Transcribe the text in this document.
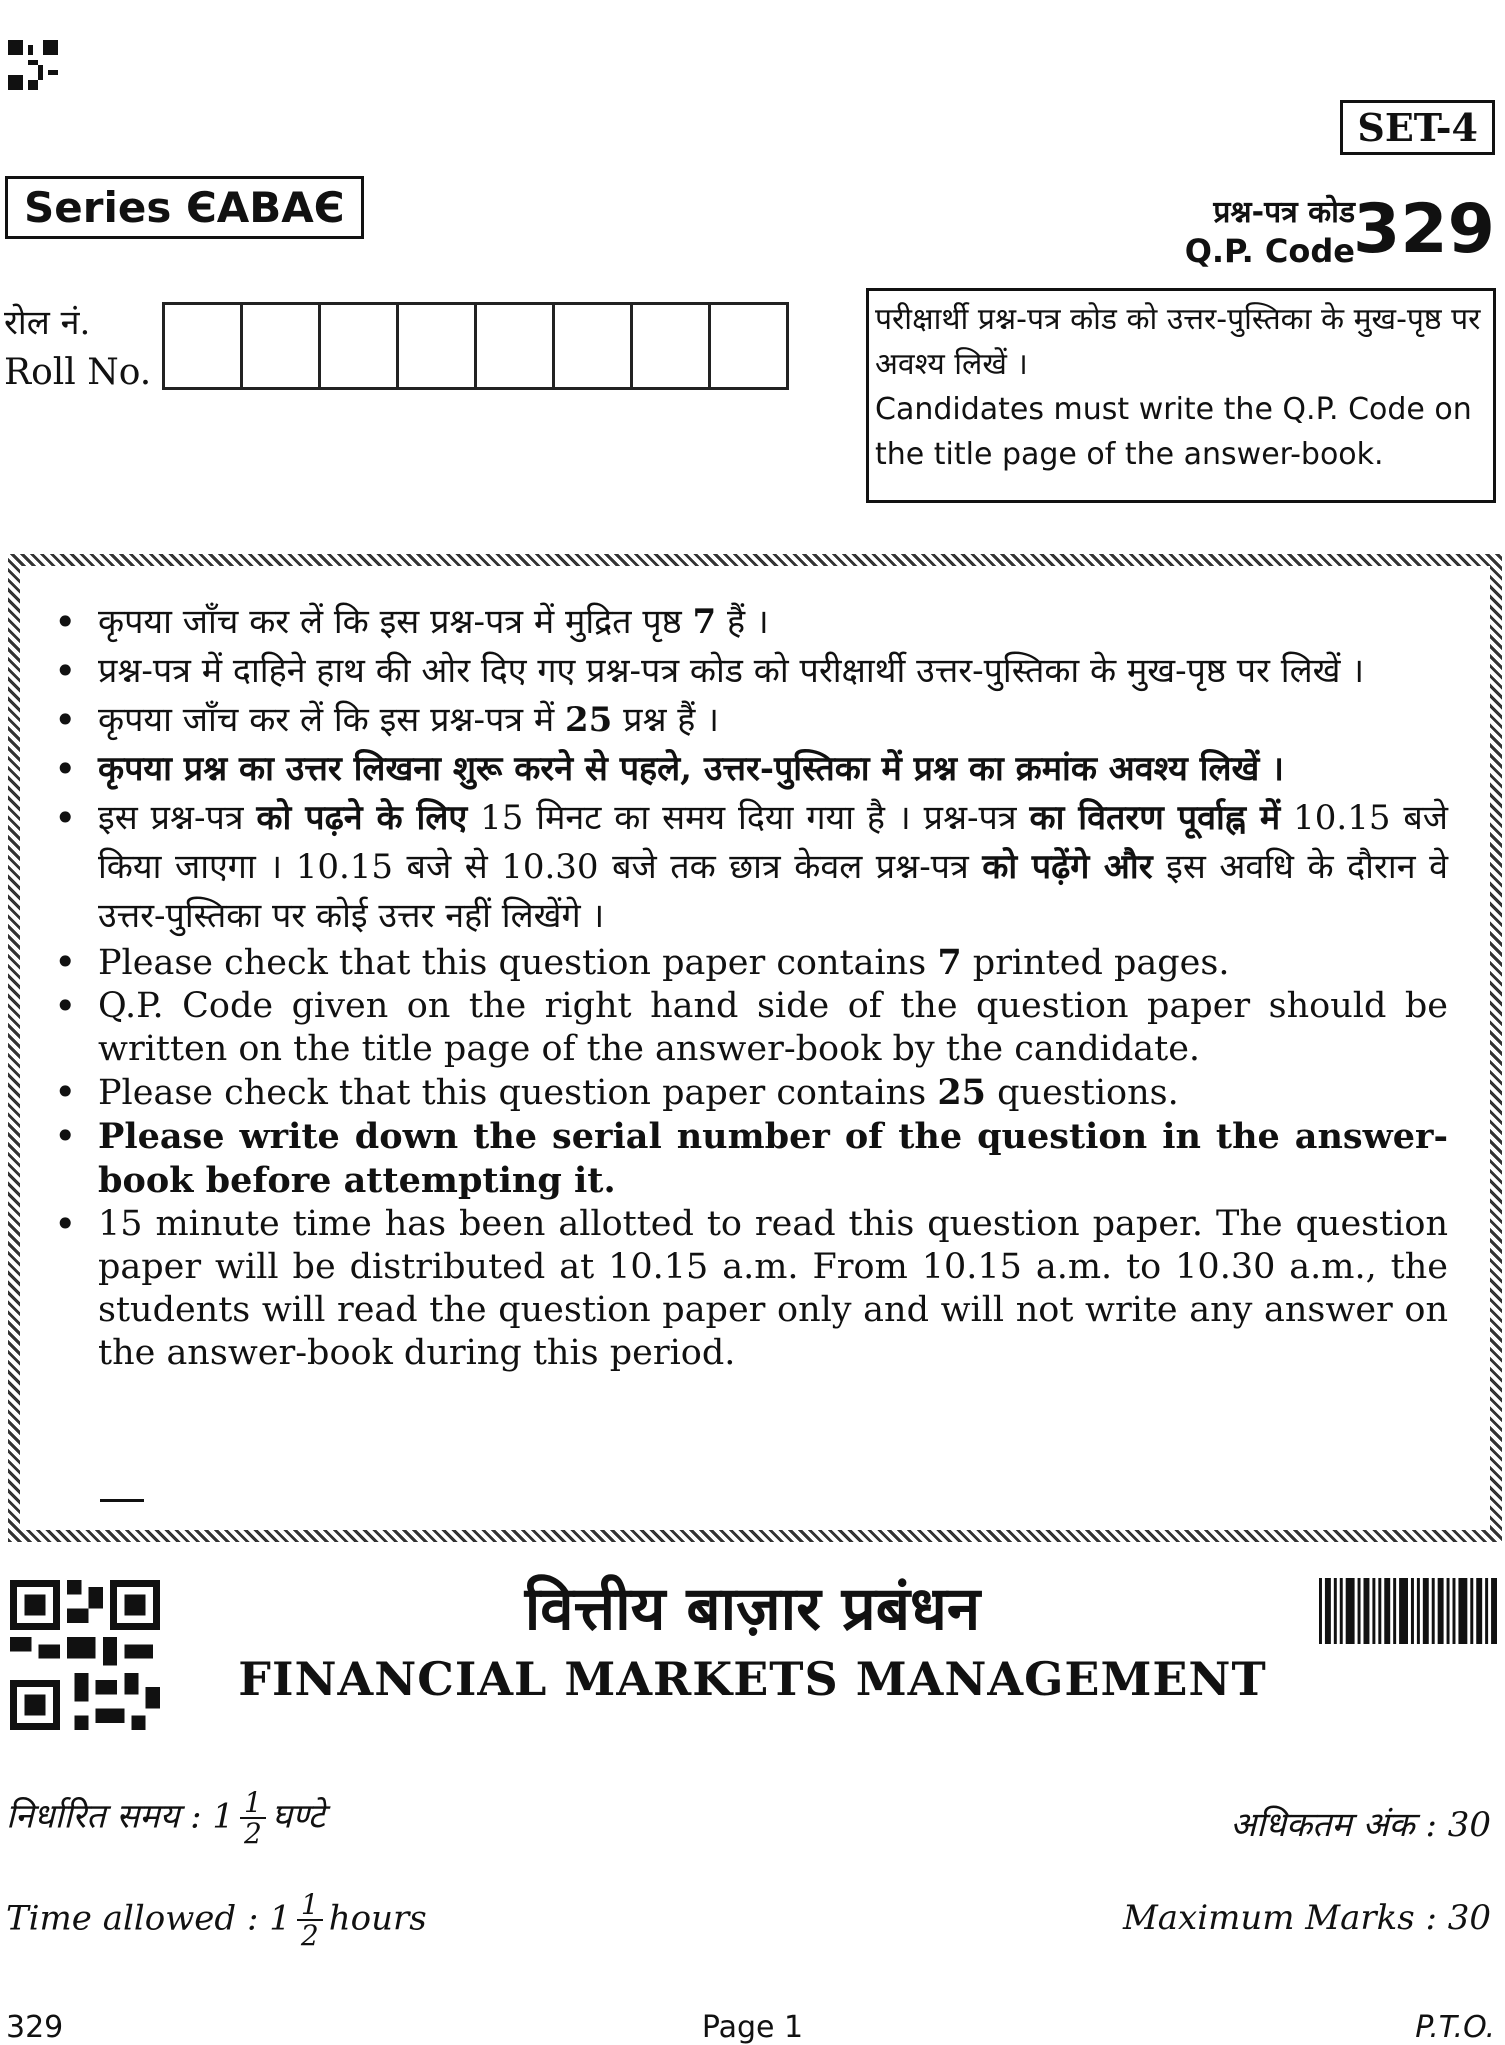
SET-4
Series ЄABAЄ	प्रश्न-पत्र कोड
Q.P. Code
329
रोल नं.
Roll No.

परीक्षार्थी प्रश्न-पत्र कोड को उत्तर-पुस्तिका के मुख-पृष्ठ पर अवश्य लिखें ।

Candidates must write the Q.P. Code on the title page of the answer-book.

• कृपया जाँच कर लें कि इस प्रश्न-पत्र में मुद्रित पृष्ठ 7 हैं ।
• प्रश्न-पत्र में दाहिने हाथ की ओर दिए गए प्रश्न-पत्र कोड को परीक्षार्थी उत्तर-पुस्तिका के मुख-पृष्ठ पर लिखें ।
• कृपया जाँच कर लें कि इस प्रश्न-पत्र में 25 प्रश्न हैं ।
• कृपया प्रश्न का उत्तर लिखना शुरू करने से पहले, उत्तर-पुस्तिका में प्रश्न का क्रमांक अवश्य लिखें ।
• इस प्रश्न-पत्र को पढ़ने के लिए 15 मिनट का समय दिया गया है । प्रश्न-पत्र का वितरण पूर्वाह्न में 10.15 बजे किया जाएगा । 10.15 बजे से 10.30 बजे तक छात्र केवल प्रश्न-पत्र को पढ़ेंगे और इस अवधि के दौरान वे उत्तर-पुस्तिका पर कोई उत्तर नहीं लिखेंगे ।
• Please check that this question paper contains 7 printed pages.
• Q.P. Code given on the right hand side of the question paper should be written on the title page of the answer-book by the candidate.
• Please check that this question paper contains 25 questions.
• Please write down the serial number of the question in the answer-book before attempting it.
• 15 minute time has been allotted to read this question paper. The question paper will be distributed at 10.15 a.m. From 10.15 a.m. to 10.30 a.m., the students will read the question paper only and will not write any answer on the answer-book during this period.
वित्तीय बाज़ार प्रबंधन
FINANCIAL MARKETS MANAGEMENT
निर्धारित समय : $1 \frac{1}{2}$ घण्टे	अधिकतम अंक : 30
Time allowed : $1 \frac{1}{2}$ hours	Maximum Marks : 30
329	Page 1	P.T.O.
